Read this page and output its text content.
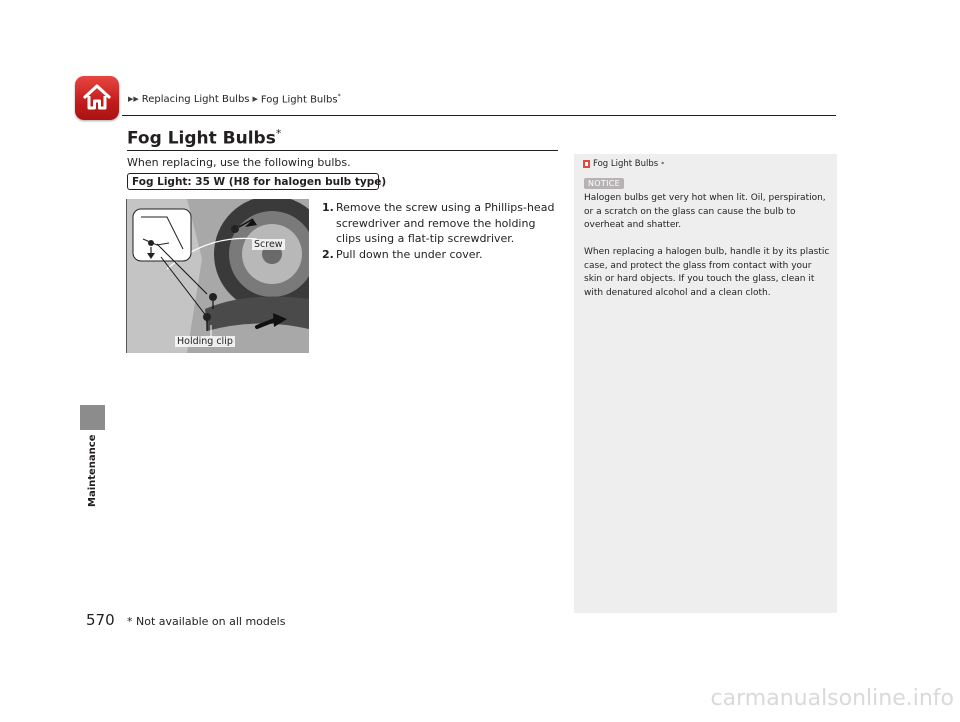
▶▶ Replacing Light Bulbs ▶ Fog Light Bulbs*
Fog Light Bulbs*
When replacing, use the following bulbs.
Fog Light: 35 W (H8 for halogen bulb type)
Screw
Holding clip
1. Remove the screw using a Phillips-head screwdriver and remove the holding clips using a flat-tip screwdriver.
2. Pull down the under cover.
Fog Light Bulbs *
NOTICE

Halogen bulbs get very hot when lit. Oil, perspiration, or a scratch on the glass can cause the bulb to overheat and shatter.

When replacing a halogen bulb, handle it by its plastic case, and protect the glass from contact with your skin or hard objects. If you touch the glass, clean it with denatured alcohol and a clean cloth.

Maintenance
570 * Not available on all models
carmanualsonline.info
